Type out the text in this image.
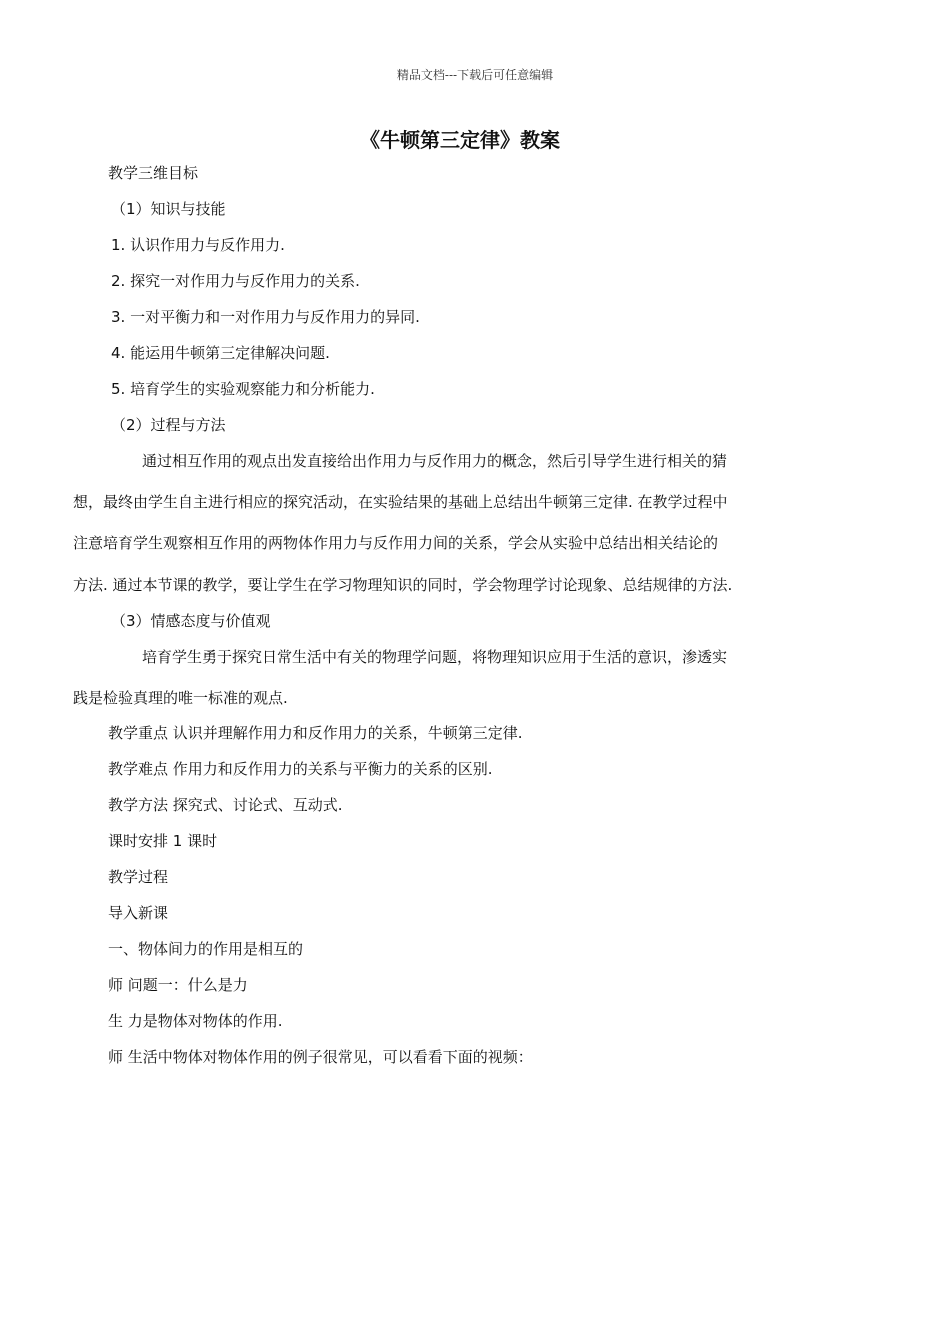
精品文档---下载后可任意编辑
《牛顿第三定律》教案
教学三维目标
（1）知识与技能
1. 认识作用力与反作用力.
2. 探究一对作用力与反作用力的关系.
3. 一对平衡力和一对作用力与反作用力的异同.
4. 能运用牛顿第三定律解决问题.
5. 培育学生的实验观察能力和分析能力.
（2）过程与方法
通过相互作用的观点出发直接给出作用力与反作用力的概念，然后引导学生进行相关的猜
想，最终由学生自主进行相应的探究活动，在实验结果的基础上总结出牛顿第三定律. 在教学过程中
注意培育学生观察相互作用的两物体作用力与反作用力间的关系，学会从实验中总结出相关结论的
方法. 通过本节课的教学，要让学生在学习物理知识的同时，学会物理学讨论现象、总结规律的方法.
（3）情感态度与价值观
培育学生勇于探究日常生活中有关的物理学问题，将物理知识应用于生活的意识，渗透实
践是检验真理的唯一标准的观点.
教学重点 认识并理解作用力和反作用力的关系，牛顿第三定律.
教学难点 作用力和反作用力的关系与平衡力的关系的区别.
教学方法 探究式、讨论式、互动式.
课时安排 1 课时
教学过程
导入新课
一、物体间力的作用是相互的
师 问题一：什么是力
生 力是物体对物体的作用.
师 生活中物体对物体作用的例子很常见，可以看看下面的视频：
